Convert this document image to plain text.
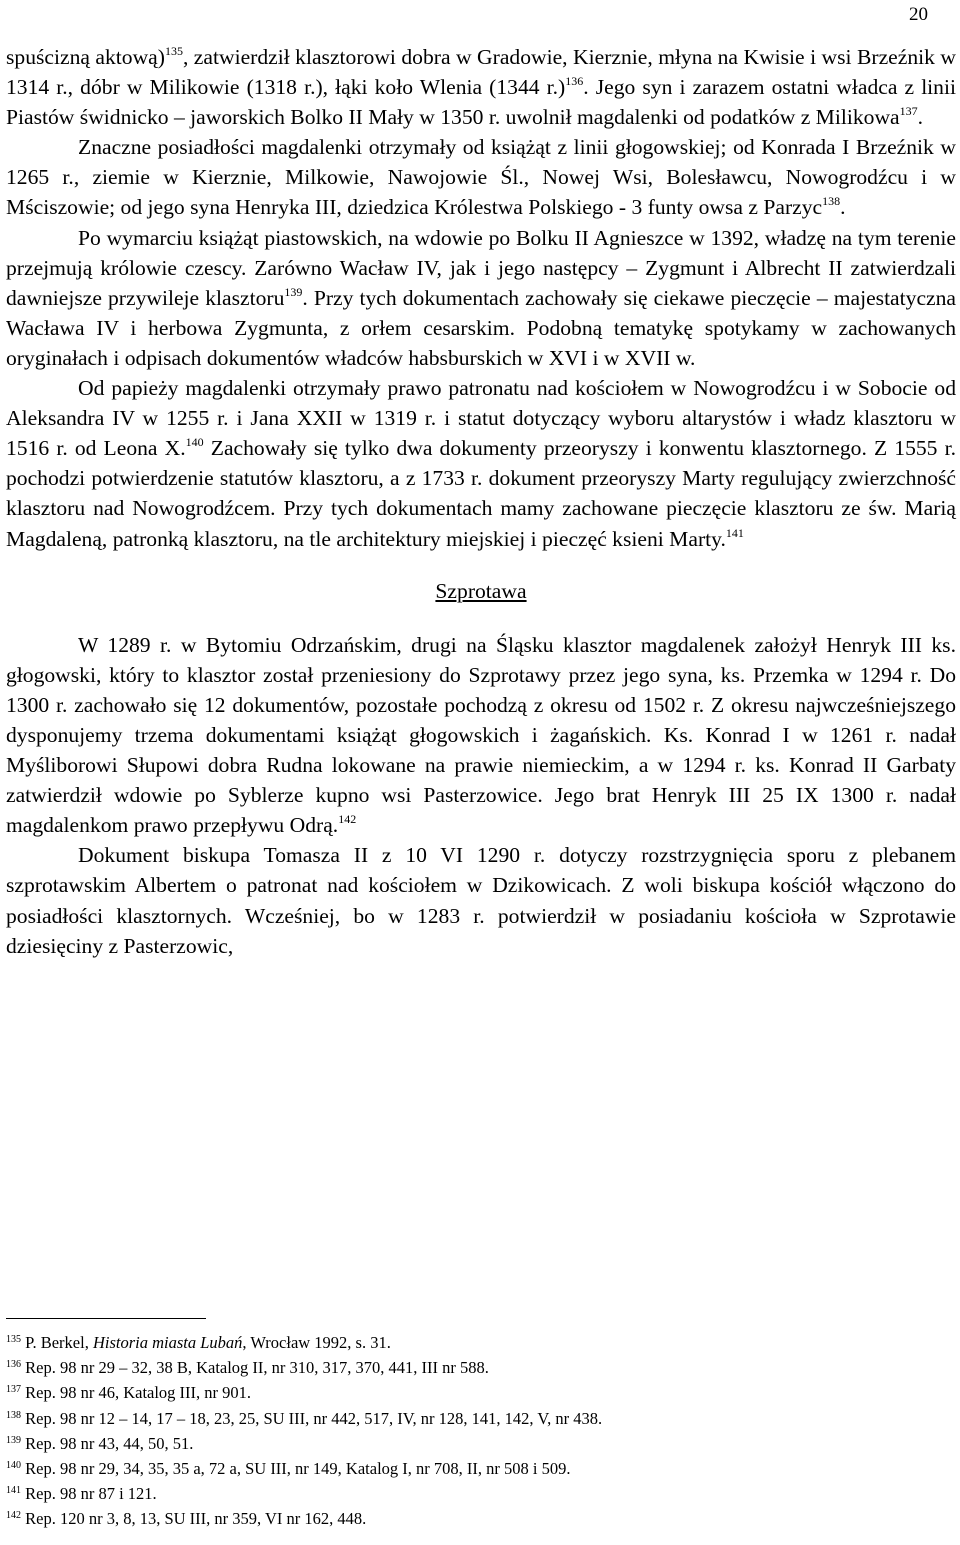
20

spuścizną aktową)$^{135}$, zatwierdził klasztorowi dobra w Gradowie, Kierznie, młyna na Kwisie i wsi Brzeźnik w 1314 r., dóbr w Milikowie (1318 r.), łąki koło Wlenia (1344 r.)$^{136}$. Jego syn i zarazem ostatni władca z linii Piastów świdnicko – jaworskich Bolko II Mały w 1350 r. uwolnił magdalenki od podatków z Milikowa$^{137}$.

Znaczne posiadłości magdalenki otrzymały od książąt z linii głogowskiej; od Konrada I Brzeźnik w 1265 r., ziemie w Kierznie, Milkowie, Nawojowie Śl., Nowej Wsi, Bolesławcu, Nowogrodźcu i w Mściszowie; od jego syna Henryka III, dziedzica Królestwa Polskiego - 3 funty owsa z Parzyc$^{138}$.

Po wymarciu książąt piastowskich, na wdowie po Bolku II Agnieszce w 1392, władzę na tym terenie przejmują królowie czescy. Zarówno Wacław IV, jak i jego następcy – Zygmunt i Albrecht II zatwierdzali dawniejsze przywileje klasztoru$^{139}$. Przy tych dokumentach zachowały się ciekawe pieczęcie – majestatyczna Wacława IV i herbowa Zygmunta, z orłem cesarskim. Podobną tematykę spotykamy w zachowanych oryginałach i odpisach dokumentów władców habsburskich w XVI i w XVII w.

Od papieży magdalenki otrzymały prawo patronatu nad kościołem w Nowogrodźcu i w Sobocie od Aleksandra IV w 1255 r. i Jana XXII w 1319 r. i statut dotyczący wyboru altarystów i władz klasztoru w 1516 r. od Leona X.$^{140}$ Zachowały się tylko dwa dokumenty przeoryszy i konwentu klasztornego. Z 1555 r. pochodzi potwierdzenie statutów klasztoru, a z 1733 r. dokument przeoryszy Marty regulujący zwierzchność klasztoru nad Nowogrodźcem. Przy tych dokumentach mamy zachowane pieczęcie klasztoru ze św. Marią Magdaleną, patronką klasztoru, na tle architektury miejskiej i pieczęć ksieni Marty.$^{141}$

Szprotawa

W 1289 r. w Bytomiu Odrzańskim, drugi na Śląsku klasztor magdalenek założył Henryk III ks. głogowski, który to klasztor został przeniesiony do Szprotawy przez jego syna, ks. Przemka w 1294 r. Do 1300 r. zachowało się 12 dokumentów, pozostałe pochodzą z okresu od 1502 r. Z okresu najwcześniejszego dysponujemy trzema dokumentami książąt głogowskich i żagańskich. Ks. Konrad I w 1261 r. nadał Myśliborowi Słupowi dobra Rudna lokowane na prawie niemieckim, a w 1294 r. ks. Konrad II Garbaty zatwierdził wdowie po Syblerze kupno wsi Pasterzowice. Jego brat Henryk III 25 IX 1300 r. nadał magdalenkom prawo przepływu Odrą.$^{142}$

Dokument biskupa Tomasza II z 10 VI 1290 r. dotyczy rozstrzygnięcia sporu z plebanem szprotawskim Albertem o patronat nad kościołem w Dzikowicach. Z woli biskupa kościół włączono do posiadłości klasztornych. Wcześniej, bo w 1283 r. potwierdził w posiadaniu kościoła w Szprotawie dziesięciny z Pasterzowic,

$^{135}$ P. Berkel, Historia miasta Lubań, Wrocław 1992, s. 31.

$^{136}$ Rep. 98 nr 29 – 32, 38 B, Katalog II, nr 310, 317, 370, 441, III nr 588.

$^{137}$ Rep. 98 nr 46, Katalog III, nr 901.

$^{138}$ Rep. 98 nr 12 – 14, 17 – 18, 23, 25, SU III, nr 442, 517, IV, nr 128, 141, 142, V, nr 438.

$^{139}$ Rep. 98 nr 43, 44, 50, 51.

$^{140}$ Rep. 98 nr 29, 34, 35, 35 a, 72 a, SU III, nr 149, Katalog I, nr 708, II, nr 508 i 509.

$^{141}$ Rep. 98 nr 87 i 121.

$^{142}$ Rep. 120 nr 3, 8, 13, SU III, nr 359, VI nr 162, 448.
